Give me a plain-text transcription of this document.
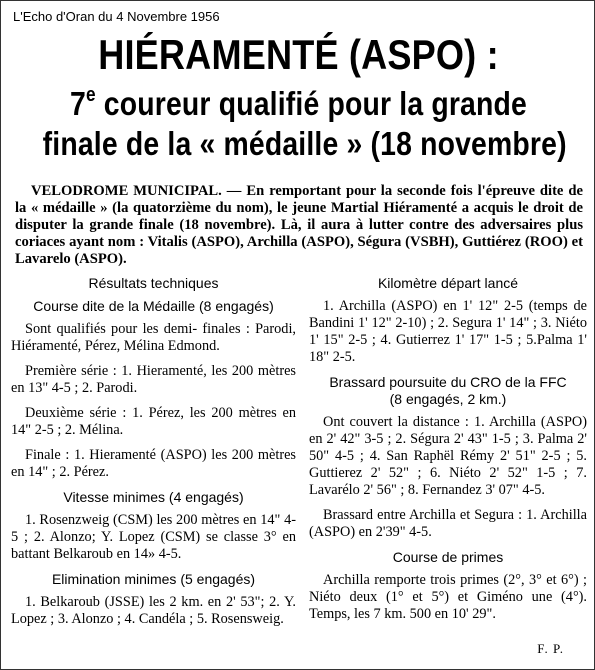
L'Echo d'Oran du 4 Novembre 1956
HIÉRAMENTÉ (ASPO) :
7e coureur qualifié pour la grande
finale de la « médaille » (18 novembre)
VELODROME MUNICIPAL. — En remportant pour la seconde fois l'épreuve dite de la « médaille » (la quatorzième du nom), le jeune Martial Hiéramenté a acquis le droit de disputer la grande finale (18 novembre). Là, il aura à lutter contre des adversaires plus coriaces ayant nom : Vitalis (ASPO), Archilla (ASPO), Ségura (VSBH), Guttiérez (ROO) et Lavarelo (ASPO).
Résultats techniques
Course dite de la Médaille (8 engagés)

Sont qualifiés pour les demi- finales : Parodi, Hiéramenté, Pérez, Mélina Edmond.

Première série : 1. Hieramenté, les 200 mètres en 13" 4-5 ; 2. Parodi.

Deuxième série : 1. Pérez, les 200 mètres en 14" 2-5 ; 2. Mélina.

Finale : 1. Hieramenté (ASPO) les 200 mètres en 14" ; 2. Pérez.

Vitesse minimes (4 engagés)

1. Rosenzweig (CSM) les 200 mètres en 14" 4-5 ; 2. Alonzo; Y. Lopez (CSM) se classe 3° en battant Belkaroub en 14» 4-5.

Elimination minimes (5 engagés)

1. Belkaroub (JSSE) les 2 km. en 2' 53"; 2. Y. Lopez ; 3. Alonzo ; 4. Candéla ; 5. Rosensweig.

Kilomètre départ lancé

1. Archilla (ASPO) en 1' 12" 2-5 (temps de Bandini 1' 12" 2-10) ; 2. Segura 1' 14" ; 3. Niéto 1' 15" 2-5 ; 4. Gutierrez 1' 17" 1-5 ; 5.Palma 1' 18" 2-5.

Brassard poursuite du CRO de la FFC
(8 engagés, 2 km.)

Ont couvert la distance : 1. Archilla (ASPO) en 2' 42" 3-5 ; 2. Ségura 2' 43" 1-5 ; 3. Palma 2' 50" 4-5 ; 4. San Raphël Rémy 2' 51" 2-5 ; 5. Guttierez 2' 52" ; 6. Niéto 2' 52" 1-5 ; 7. Lavarélo 2' 56" ; 8. Fernandez 3' 07" 4-5.

Brassard entre Archilla et Segura : 1. Archilla (ASPO) en 2'39" 4-5.

Course de primes

Archilla remporte trois primes (2°, 3° et 6°) ; Niéto deux (1° et 5°) et Giméno une (4°). Temps, les 7 km. 500 en 10' 29".

F. P.
